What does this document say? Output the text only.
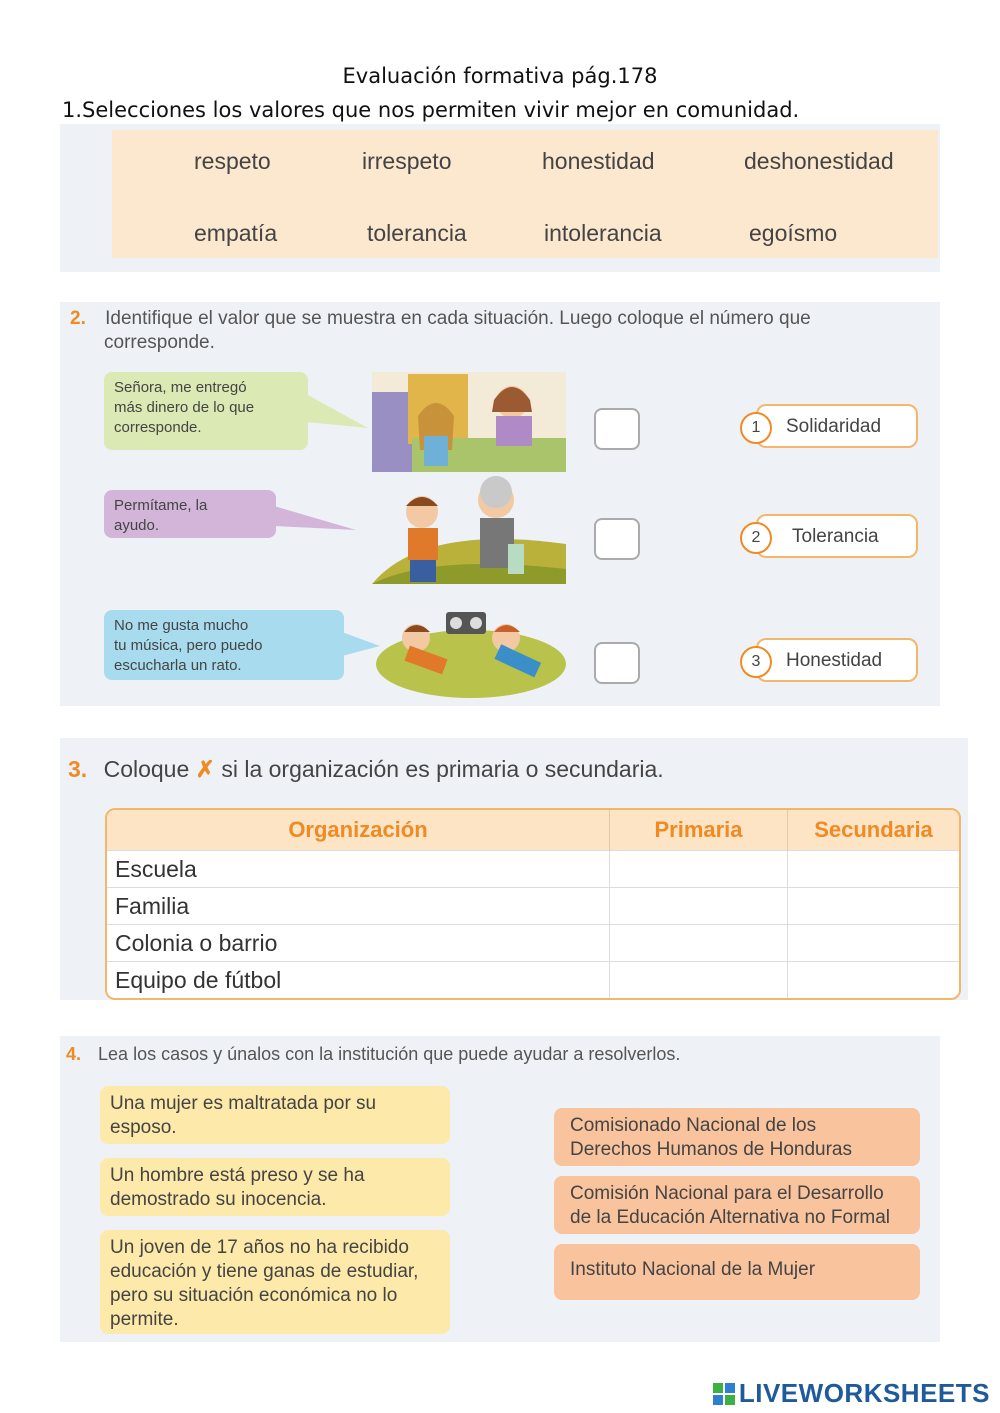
Evaluación formativa pág.178
1.Selecciones los valores que nos permiten vivir mejor en comunidad.
respeto	irrespeto	honestidad	deshonestidad
empatía	tolerancia	intolerancia	egoísmo
2. Identifique el valor que se muestra en cada situación. Luego coloque el número que
corresponde.
Señora, me entregó
más dinero de lo que
corresponde.
Permítame, la
ayudo.
No me gusta mucho
tu música, pero puedo
escucharla un rato.
1	Solidaridad
2	Tolerancia
3	Honestidad
3. Coloque ✗ si la organización es primaria o secundaria.
Organización	Primaria	Secundaria
Escuela		
Familia		
Colonia o barrio		
Equipo de fútbol		
4. Lea los casos y únalos con la institución que puede ayudar a resolverlos.
Una mujer es maltratada por su
esposo.
Un hombre está preso y se ha
demostrado su inocencia.
Un joven de 17 años no ha recibido
educación y tiene ganas de estudiar,
pero su situación económica no lo
permite.
Comisionado Nacional de los
Derechos Humanos de Honduras
Comisión Nacional para el Desarrollo
de la Educación Alternativa no Formal
Instituto Nacional de la Mujer
LIVEWORKSHEETS
